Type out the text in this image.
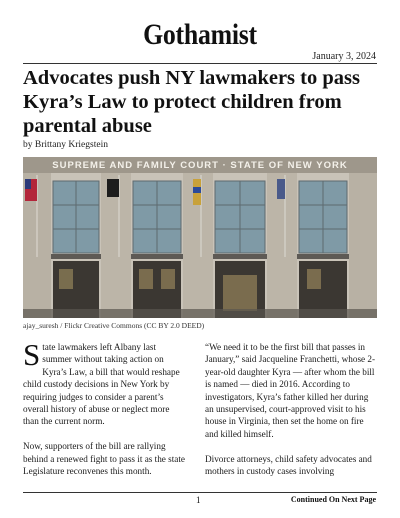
Gothamist
January 3, 2024
Advocates push NY lawmakers to pass Kyra’s Law to protect children from parental abuse
by Brittany Kriegstein
SUPREME AND FAMILY COURT · STATE OF NEW YORK
ajay_suresh / Flickr Creative Commons (CC BY 2.0 DEED)

State lawmakers left Albany last summer without taking action on Kyra’s Law, a bill that would reshape child custody decisions in New York by requiring judges to consider a parent’s overall history of abuse or neglect more than the current norm.

Now, supporters of the bill are rallying behind a renewed fight to pass it as the state Legislature reconvenes this month.

“We need it to be the first bill that passes in January,” said Jacqueline Franchetti, whose 2-year-old daughter Kyra — after whom the bill is named — died in 2016. According to investigators, Kyra’s father killed her during an unsupervised, court-approved visit to his house in Virginia, then set the home on fire and killed himself.

Divorce attorneys, child safety advocates and mothers in custody cases involving

1	Continued On Next Page
